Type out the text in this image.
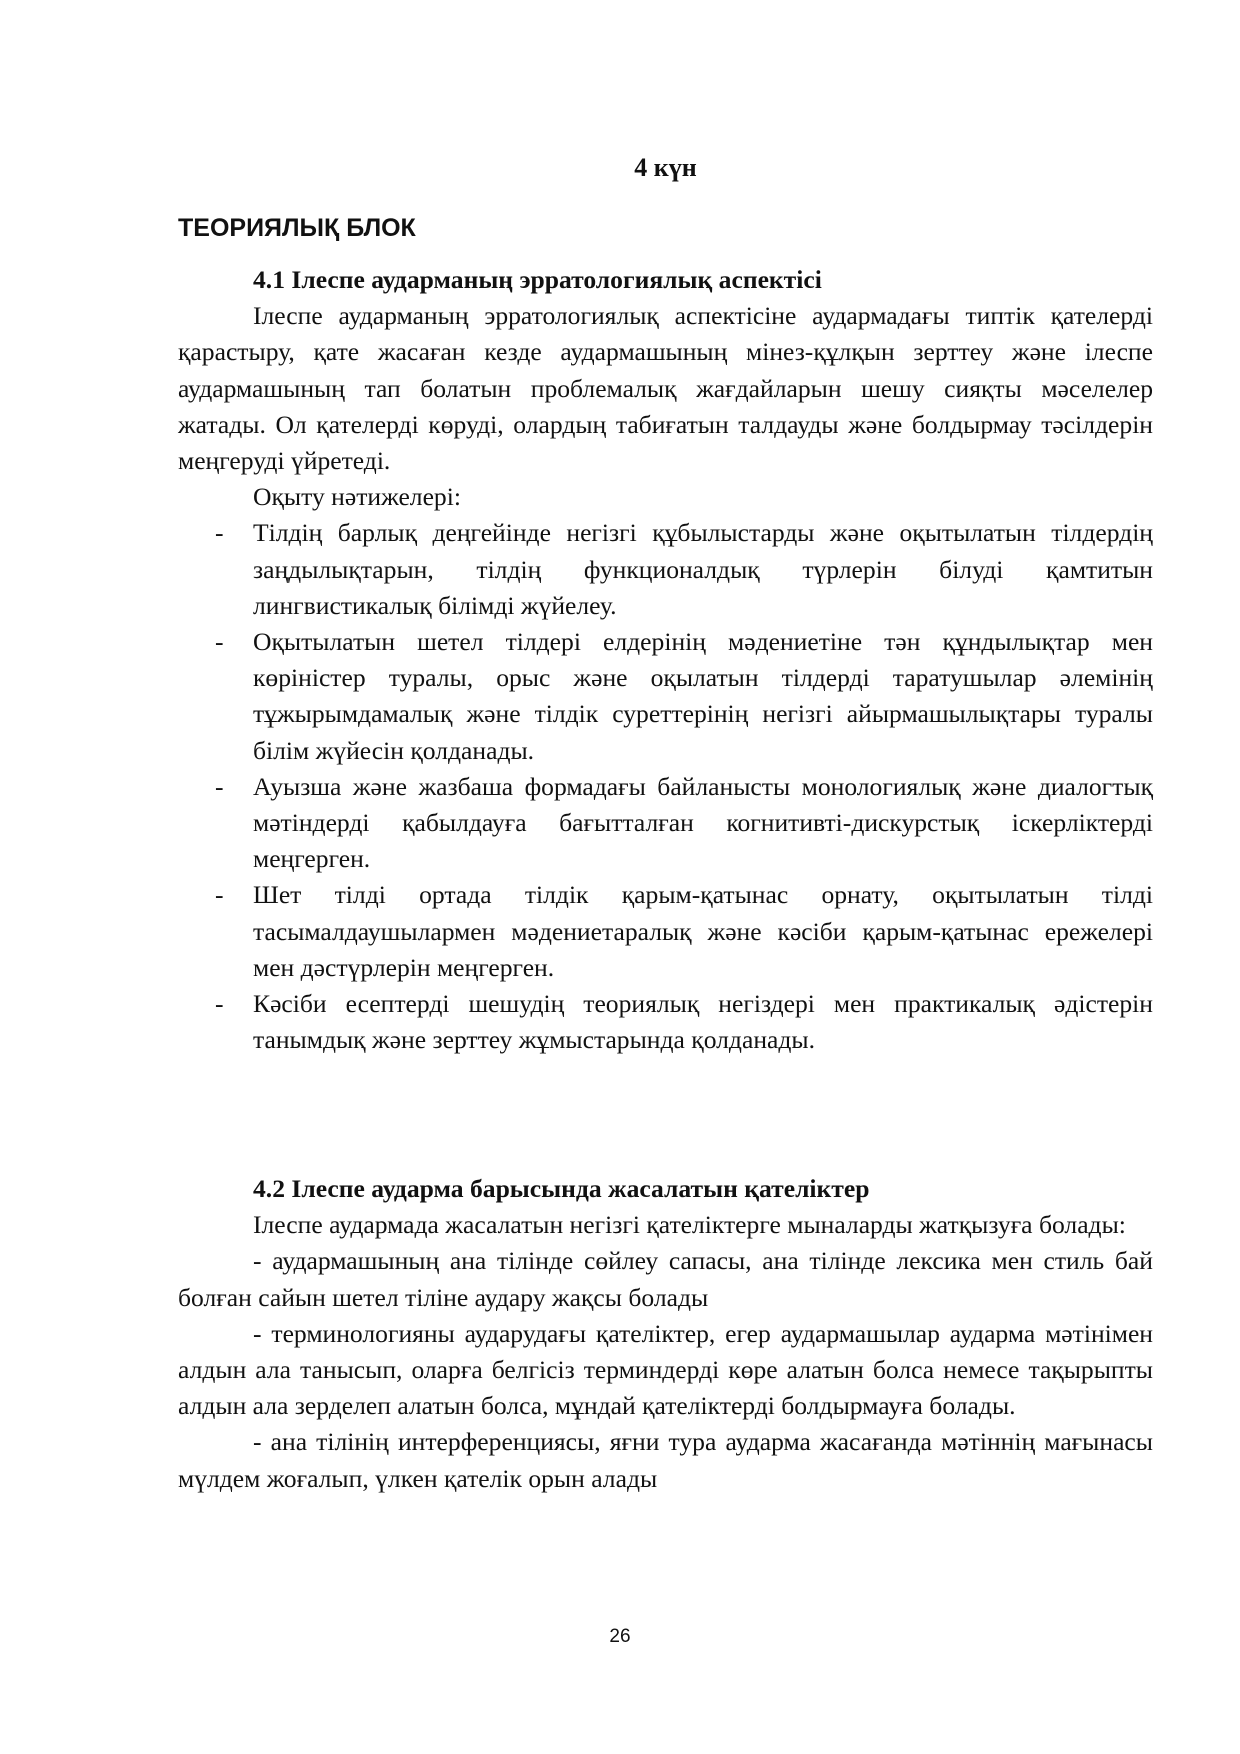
4 күн
ТЕОРИЯЛЫҚ БЛОК
4.1 Ілеспе аударманың эрратологиялық аспектісі

Ілеспе аударманың эрратологиялық аспектісіне аудармадағы типтік қателерді қарастыру, қате жасаған кезде аудармашының мінез-құлқын зерттеу және ілеспе аудармашының тап болатын проблемалық жағдайларын шешу сияқты мәселелер жатады. Ол қателерді көруді, олардың табиғатын талдауды және болдырмау тәсілдерін меңгеруді үйретеді.

Оқыту нәтижелері:

- Тілдің барлық деңгейінде негізгі құбылыстарды және оқытылатын тілдердің заңдылықтарын, тілдің функционалдық түрлерін білуді қамтитын лингвистикалық білімді жүйелеу.
- Оқытылатын шетел тілдері елдерінің мәдениетіне тән құндылықтар мен көріністер туралы, орыс және оқылатын тілдерді таратушылар әлемінің тұжырымдамалық және тілдік суреттерінің негізгі айырмашылықтары туралы білім жүйесін қолданады.
- Ауызша және жазбаша формадағы байланысты монологиялық және диалогтық мәтіндерді қабылдауға бағытталған когнитивті-дискурстық іскерліктерді меңгерген.
- Шет тілді ортада тілдік қарым-қатынас орнату, оқытылатын тілді тасымалдаушылармен мәдениетаралық және кәсіби қарым-қатынас ережелері мен дәстүрлерін меңгерген.
- Кәсіби есептерді шешудің теориялық негіздері мен практикалық әдістерін танымдық және зерттеу жұмыстарында қолданады.
4.2 Ілеспе аударма барысында жасалатын қателіктер

Ілеспе аудармада жасалатын негізгі қателіктерге мыналарды жатқызуға болады:

- аудармашының ана тілінде сөйлеу сапасы, ана тілінде лексика мен стиль бай болған сайын шетел тіліне аудару жақсы болады

- терминологияны аударудағы қателіктер, егер аудармашылар аударма мәтінімен алдын ала танысып, оларға белгісіз терминдерді көре алатын болса немесе тақырыпты алдын ала зерделеп алатын болса, мұндай қателіктерді болдырмауға болады.

- ана тілінің интерференциясы, яғни тура аударма жасағанда мәтіннің мағынасы мүлдем жоғалып, үлкен қателік орын алады

26
